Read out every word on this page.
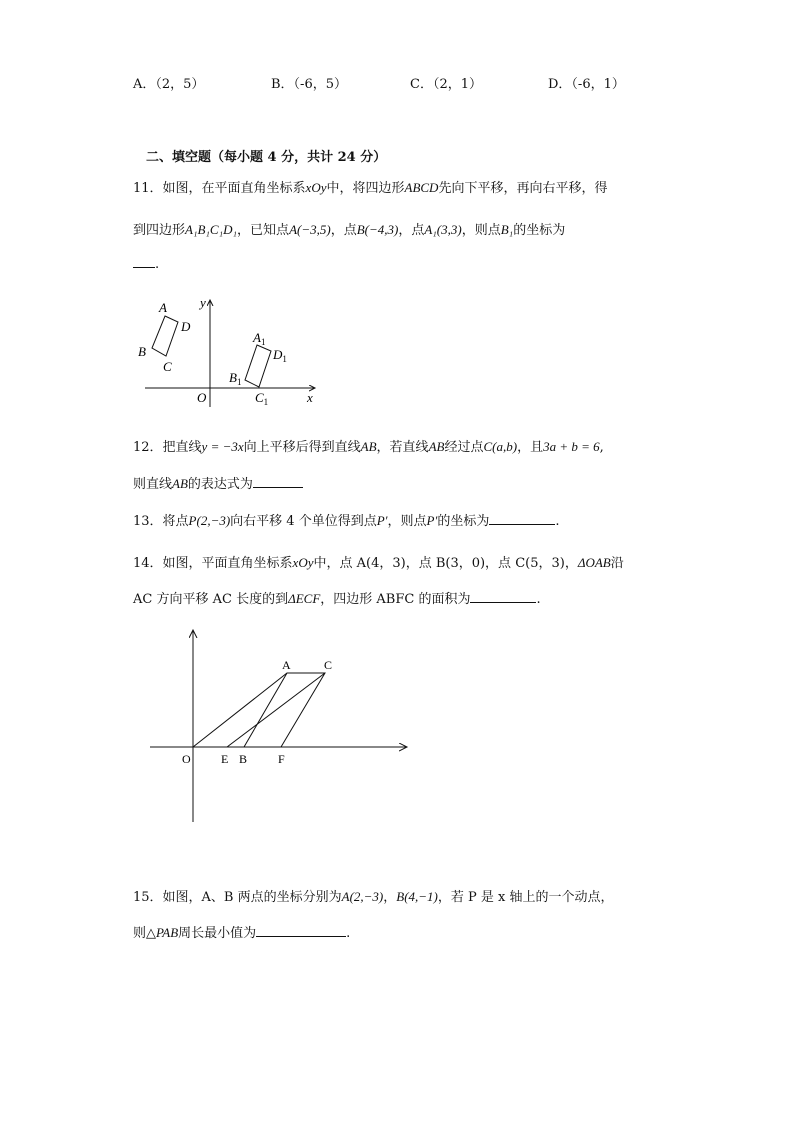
A．（2，5）	B．（-6，5）	C．（2，1）	D．（-6，1）
二、填空题（每小题 4 分，共计 24 分）
11．如图，在平面直角坐标系xOy中，将四边形ABCD先向下平移，再向右平移，得
到四边形A₁B₁C₁D₁，已知点A(−3,5)，点B(−4,3)，点A₁(3,3)，则点B₁的坐标为
.
A
D
B
C
$A_1$
$D_1$
$B_1$
$C_1$
O	x
y
12．把直线y = −3x向上平移后得到直线AB，若直线AB经过点C(a,b)，且3a + b = 6,
则直线AB的表达式为
13．将点P(2,−3)向右平移 4 个单位得到点P′，则点P′的坐标为	.
14．如图，平面直角坐标系xOy中，点 A(4，3)，点 B(3，0)，点 C(5，3)，ΔOAB沿
AC 方向平移 AC 长度的到ΔECF，四边形 ABFC 的面积为	.
O	E B	F
A	C
15．如图，A、B 两点的坐标分别为A(2,−3)，B(4,−1)，若 P 是 x 轴上的一个动点，
则△PAB周长最小值为	.
